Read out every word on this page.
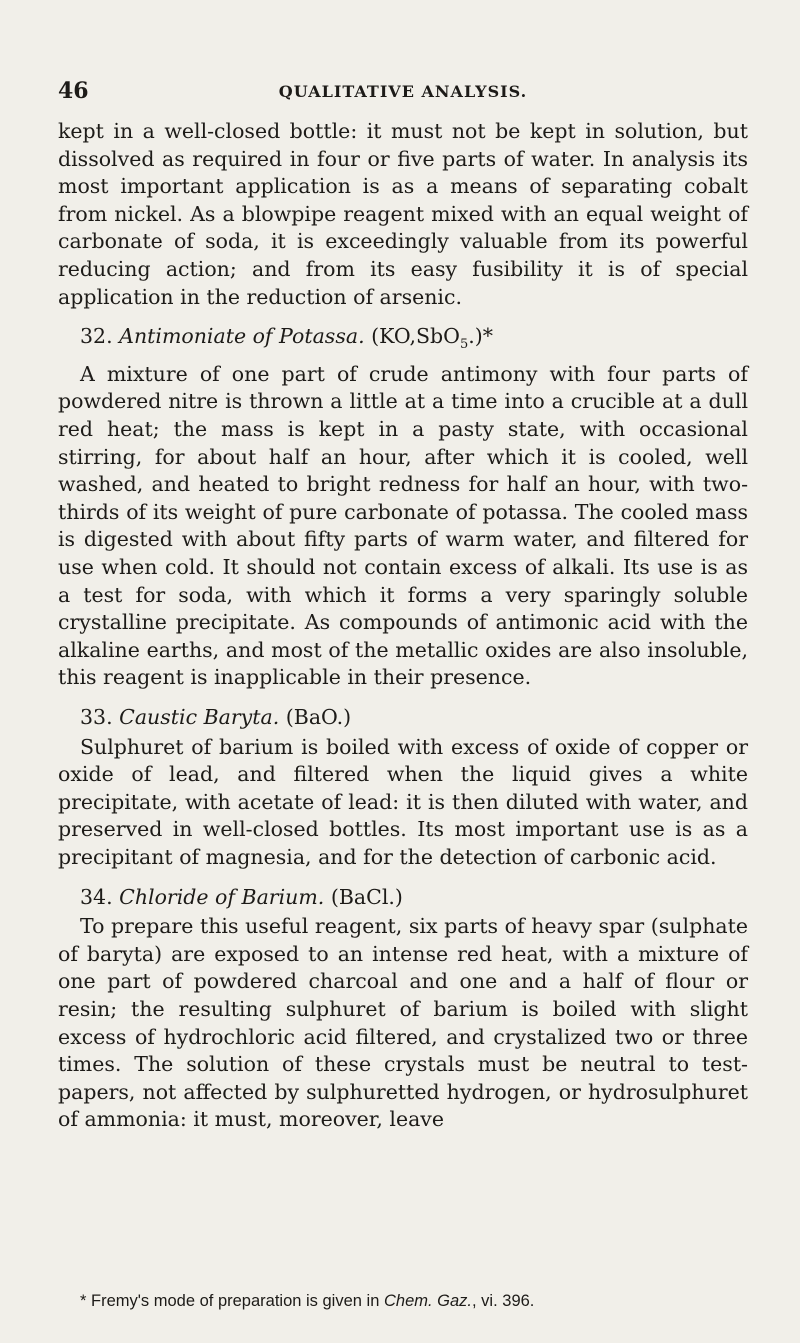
46	QUALITATIVE ANALYSIS.

kept in a well-closed bottle: it must not be kept in solution, but dissolved as required in four or five parts of water. In analysis its most important application is as a means of separating cobalt from nickel. As a blowpipe reagent mixed with an equal weight of carbonate of soda, it is exceedingly valuable from its powerful reducing action; and from its easy fusibility it is of special application in the reduction of arsenic.

32. Antimoniate of Potassa. (KO,SbO$_5$.)*

A mixture of one part of crude antimony with four parts of powdered nitre is thrown a little at a time into a crucible at a dull red heat; the mass is kept in a pasty state, with occasional stirring, for about half an hour, after which it is cooled, well washed, and heated to bright redness for half an hour, with two-thirds of its weight of pure carbonate of potassa. The cooled mass is digested with about fifty parts of warm water, and filtered for use when cold. It should not contain excess of alkali. Its use is as a test for soda, with which it forms a very sparingly soluble crystalline precipitate. As compounds of antimonic acid with the alkaline earths, and most of the metallic oxides are also insoluble, this reagent is inapplicable in their presence.

33. Caustic Baryta. (BaO.)

Sulphuret of barium is boiled with excess of oxide of copper or oxide of lead, and filtered when the liquid gives a white precipitate, with acetate of lead: it is then diluted with water, and preserved in well-closed bottles. Its most important use is as a precipitant of magnesia, and for the detection of carbonic acid.

34. Chloride of Barium. (BaCl.)

To prepare this useful reagent, six parts of heavy spar (sulphate of baryta) are exposed to an intense red heat, with a mixture of one part of powdered charcoal and one and a half of flour or resin; the resulting sulphuret of barium is boiled with slight excess of hydrochloric acid filtered, and crystalized two or three times. The solution of these crystals must be neutral to test-papers, not affected by sulphuretted hydrogen, or hydrosulphuret of ammonia: it must, moreover, leave

* Fremy's mode of preparation is given in Chem. Gaz., vi. 396.
